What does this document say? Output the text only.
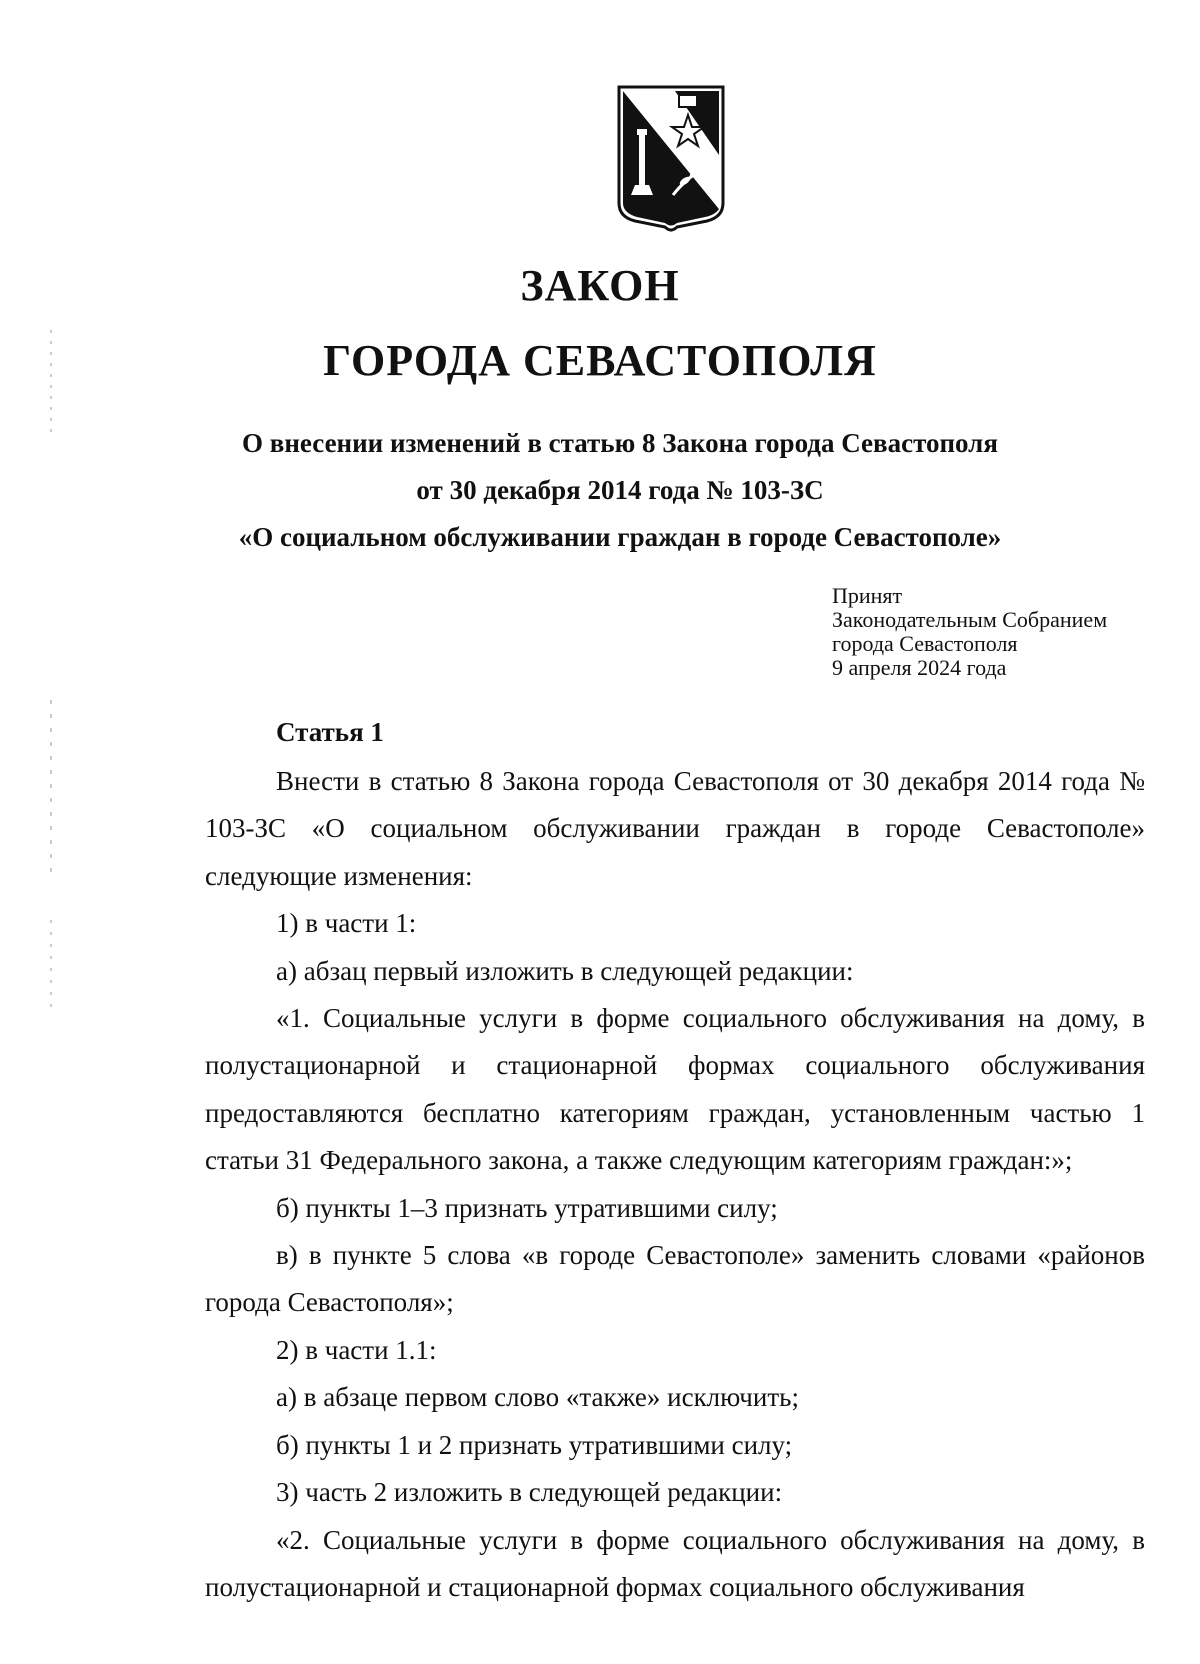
ЗАКОН
ГОРОДА СЕВАСТОПОЛЯ
О внесении изменений в статью 8 Закона города Севастополя
от 30 декабря 2014 года № 103-ЗС
«О социальном обслуживании граждан в городе Севастополе»
Принят
Законодательным Собранием
города Севастополя
9 апреля 2024 года
Статья 1

Внести в статью 8 Закона города Севастополя от 30 декабря 2014 года № 103-ЗС «О социальном обслуживании граждан в городе Севастополе» следующие изменения:

1) в части 1:

а) абзац первый изложить в следующей редакции:

«1. Социальные услуги в форме социального обслуживания на дому, в полустационарной и стационарной формах социального обслуживания предоставляются бесплатно категориям граждан, установленным частью 1 статьи 31 Федерального закона, а также следующим категориям граждан:»;

б) пункты 1–3 признать утратившими силу;

в) в пункте 5 слова «в городе Севастополе» заменить словами «районов города Севастополя»;

2) в части 1.1:

а) в абзаце первом слово «также» исключить;

б) пункты 1 и 2 признать утратившими силу;

3) часть 2 изложить в следующей редакции:

«2. Социальные услуги в форме социального обслуживания на дому, в полустационарной и стационарной формах социального обслуживания
